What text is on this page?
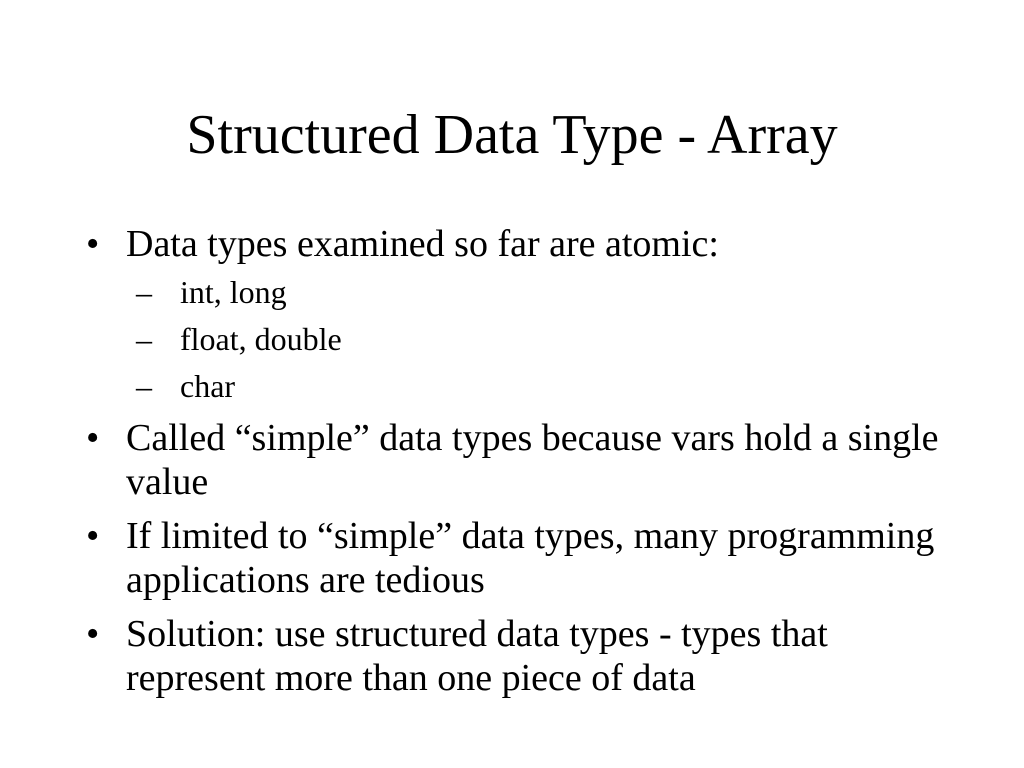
Structured Data Type - Array
• Data types examined so far are atomic:
– int, long
– float, double
– char
• Called “simple” data types because vars hold a single value
• If limited to “simple” data types, many programming applications are tedious
• Solution: use structured data types - types that represent more than one piece of data
